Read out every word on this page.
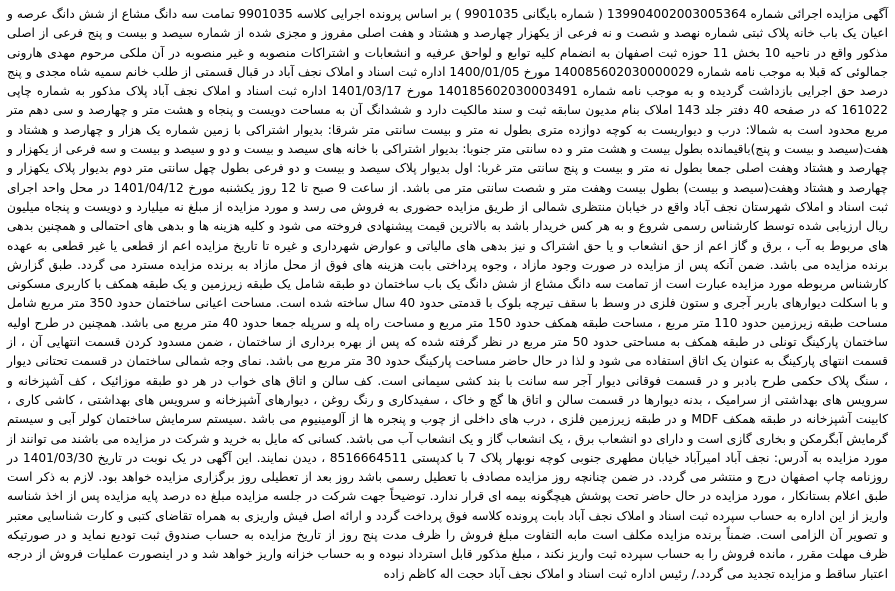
آگهی مزایده اجرائی شماره 139904002003005364 ( شماره بایگانی 9901035 ) بر اساس پرونده اجرایی کلاسه 9901035 تمامت سه دانگ مشاع از شش دانگ عرصه و اعیان یک باب خانه پلاک ثبتی شماره نهصد و شصت و نه فرعی از یکهزار چهارصد و هشتاد و هفت اصلی مفروز و مجزی شده از شماره سیصد و بیست و پنج فرعی از اصلی مذکور واقع در ناحیه 10 بخش 11 حوزه ثبت اصفهان به انضمام کلیه توابع و لواحق عرفیه و انشعابات و اشتراکات منصوبه و غیر منصوبه در آن ملکی مرحوم مهدی هارونی جمالوئی که قبلا به موجب نامه شماره 140085602030000029 مورخ 1400/01/05 اداره ثبت اسناد و املاک نجف آباد در قبال قسمتی از طلب خانم سمیه شاه مجدی و پنج درصد حق اجرایی بازداشت گردیده و به موجب نامه شماره 140185602030003491 مورخ 1401/03/17 اداره ثبت اسناد و املاک نجف آباد پلاک مذکور به شماره چاپی 161022 که در صفحه 40 دفتر جلد 143 املاک بنام مدیون سابقه ثبت و سند مالکیت دارد و ششدانگ آن به مساحت دویست و پنجاه و هشت متر و چهارصد و سی دهم متر مربع محدود است به شمالا: درب و دیواریست به کوچه دوازده متری بطول نه متر و بیست سانتی متر شرقا: بدیوار اشتراکی با زمین شماره یک هزار و چهارصد و هشتاد و هفت(سیصد و بیست و پنج)باقیمانده بطول بیست و هشت متر و ده سانتی متر جنوبا: بدیوار اشتراکی با خانه های سیصد و بیست و دو و سیصد و بیست و سه فرعی از یکهزار و چهارصد و هشتاد وهفت اصلی جمعا بطول نه متر و بیست و پنج سانتی متر غربا: اول بدیوار پلاک سیصد و بیست و دو فرعی بطول چهل سانتی متر دوم بدیوار پلاک یکهزار و چهارصد و هشتاد وهفت(سیصد و بیست) بطول بیست وهفت متر و شصت سانتی متر می باشد. از ساعت 9 صبح تا 12 روز یکشنبه مورخ 1401/04/12 در محل واحد اجرای ثبت اسناد و املاک شهرستان نجف آباد واقع در خیابان منتظری شمالی از طریق مزایده حضوری به فروش می رسد و مورد مزایده از مبلغ نه میلیارد و دویست و پنجاه میلیون ریال ارزیابی شده توسط کارشناس رسمی شروع و به هر کس خریدار باشد به بالاترین قیمت پیشنهادی فروخته می شود و کلیه هزینه ها و بدهی های احتمالی و همچنین بدهی های مربوط به آب ، برق و گاز اعم از حق انشعاب و یا حق اشتراک و نیز بدهی های مالیاتی و عوارض شهرداری و غیره تا تاریخ مزایده اعم از قطعی یا غیر قطعی به عهده برنده مزایده می باشد. ضمن آنکه پس از مزایده در صورت وجود مازاد ، وجوه پرداختی بابت هزینه های فوق از محل مازاد به برنده مزایده مسترد می گردد. طبق گزارش کارشناس مربوطه مورد مزایده عبارت است از تمامت سه دانگ مشاع از شش دانگ یک باب ساختمان دو طبقه شامل یک طبقه زیرزمین و یک طبقه همکف با کاربری مسکونی و با اسکلت دیوارهای باربر آجری و ستون فلزی در وسط با سقف تیرچه بلوک با قدمتی حدود 40 سال ساخته شده است. مساحت اعیانی ساختمان حدود 350 متر مربع شامل مساحت طبقه زیرزمین حدود 110 متر مربع ، مساحت طبقه همکف حدود 150 متر مربع و مساحت راه پله و سرپله جمعا حدود 40 متر مربع می باشد. همچنین در طرح اولیه ساختمان پارکینگ تونلی در طبقه همکف به مساحتی حدود 50 متر مربع در نظر گرفته شده که پس از بهره برداری از ساختمان ، ضمن مسدود کردن قسمت انتهایی آن ، از قسمت انتهای پارکینگ به عنوان یک اتاق استفاده می شود و لذا در حال حاضر مساحت پارکینگ حدود 30 متر مربع می باشد. نمای وجه شمالی ساختمان در قسمت تحتانی دیوار ، سنگ پلاک حکمی طرح بادبر و در قسمت فوقانی دیوار آجر سه سانت با بند کشی سیمانی است. کف سالن و اتاق های خواب در هر دو طبقه موزائیک ، کف آشپزخانه و سرویس های بهداشتی از سرامیک ، بدنه دیوارها در قسمت سالن و اتاق ها گچ و خاک ، سفیدکاری و رنگ روغن ، دیوارهای آشپزخانه و سرویس های بهداشتی ، کاشی کاری ، کابینت آشپزخانه در طبقه همکف MDF و در طبقه زیرزمین فلزی ، درب های داخلی از چوب و پنجره ها از آلومینیوم می باشد .سیستم سرمایش ساختمان کولر آبی و سیستم گرمایش آبگرمکن و بخاری گازی است و دارای دو انشعاب برق ، یک انشعاب گاز و یک انشعاب آب می باشد. کسانی که مایل به خرید و شرکت در مزایده می باشند می توانند از مورد مزایده به آدرس: نجف آباد امیرآباد خیابان مطهری جنوبی کوچه نوبهار پلاک 7 با کدپستی 8516664511 ، دیدن نمایند. این آگهی در یک نوبت در تاریخ 1401/03/30 در روزنامه چاپ اصفهان درج و منتشر می گردد. در ضمن چنانچه روز مزایده مصادف با تعطیل رسمی باشد روز بعد از تعطیلی روز برگزاری مزایده خواهد بود. لازم به ذکر است طبق اعلام بستانکار ، مورد مزایده در حال حاضر تحت پوشش هیچگونه بیمه ای قرار ندارد. توضیحاً جهت شرکت در جلسه مزایده مبلغ ده درصد پایه مزایده پس از اخذ شناسه واریز از این اداره به حساب سپرده ثبت اسناد و املاک نجف آباد بابت پرونده کلاسه فوق پرداخت گردد و ارائه اصل فیش واریزی به همراه تقاضای کتبی و کارت شناسایی معتبر و تصویر آن الزامی است. ضمناً برنده مزایده مکلف است مابه التفاوت مبلغ فروش را ظرف مدت پنج روز از تاریخ مزایده به حساب صندوق ثبت تودیع نماید و در صورتیکه ظرف مهلت مقرر ، مانده فروش را به حساب سپرده ثبت واریز نکند ، مبلغ مذکور قابل استرداد نبوده و به حساب خزانه واریز خواهد شد و در اینصورت عملیات فروش از درجه اعتبار ساقط و مزایده تجدید می گردد./ رئیس اداره ثبت اسناد و املاک نجف آباد حجت اله کاظم زاده
